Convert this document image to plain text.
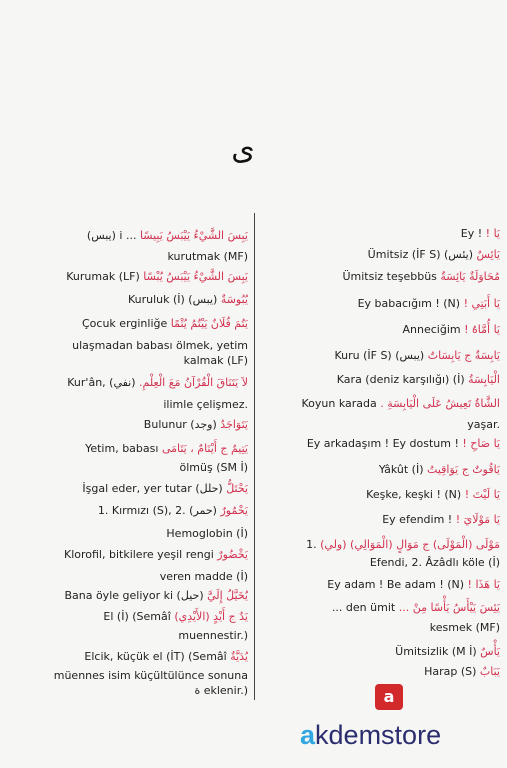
ى
(يبس) i ... يَبِسَ الشَّيْءُ يَيْبَسُ يَبِيسًا
kurutmak (MF)
Kurumak (LF) يَبِسَ الشَّيْءُ يَيْبَسُ يُبْسًا
Kuruluk (İ) (يبس) يُبُوسَةٌ
Çocuk erginliğe يَتُمَ فُلَانٌ يَيْتُمُ يُتْمًا
ulaşmadan babası ölmek, yetim
kalmak (LF)
Kur'ân, (نفي) لاَ يَتَنَاقَ الْقُرْآنُ مَعَ الْعِلْمِ.
ilimle çelişmez.
Bulunur (وجد) يَتَوَاجَدُ
Yetim, babası يَتِيمٌ ج أَيْتَامٌ ، يَتَامَى
ölmüş (SM İ)
İşgal eder, yer tutar (حلل) يَحْتَلُّ
1. Kırmızı (S), 2. (حمر) يَحْمُورٌ
Hemoglobin (İ)
Klorofil, bitkilere yeşil rengi يَخْضُورٌ
veren madde (İ)
Bana öyle geliyor ki (حيل) يُخَيَّلُ إِلَيَّ
El (İ) (Semâî يَدٌ ج أَيْدٍ (الأَيْدِي)
muennestir.)
Elcik, küçük el (İT) (Semâî يُدَيَّةٌ
müennes isim küçültülünce sonuna
ة eklenir.)
Ey ! يَا !
Ümitsiz (İF S) (يئس) يَائِسٌ
Ümitsiz teşebbüs مُحَاوَلَةٌ يَائِسَةٌ
Ey babacığım ! (N) يَا أَبَتِي !
Anneciğim يَا أُمَّاهُ !
Kuru (İF S) (يبس) يَابِسَةٌ ج يَابِسَاتٌ
Kara (deniz karşılığı) (İ) الْيَابِسَةُ
Koyun karada الشَّاةُ تَعِيشُ عَلَى الْيَابِسَةِ .
yaşar.
Ey arkadaşım ! Ey dostum ! يَا صَاحِ !
Yâkût (İ) يَاقُوتٌ ج يَوَاقِيتُ
Keşke, keşki ! (N) يَا لَيْتَ !
Ey efendim ! يَا مَوْلَايَ !
1. مَوْلَى (الْمَوْلَى) ج مَوَالٍ (الْمَوَالِي) (ولي)
Efendi, 2. Âzâdlı köle (İ)
Ey adam ! Be adam ! (N) يَا هَذَا !
... den ümit يَئِسَ يَيْأَسُ يَأْسًا مِنْ ...
kesmek (MF)
Ümitsizlik (M İ) يَأْسٌ
Harap (S) يَبَابٌ
a
akdemstore
